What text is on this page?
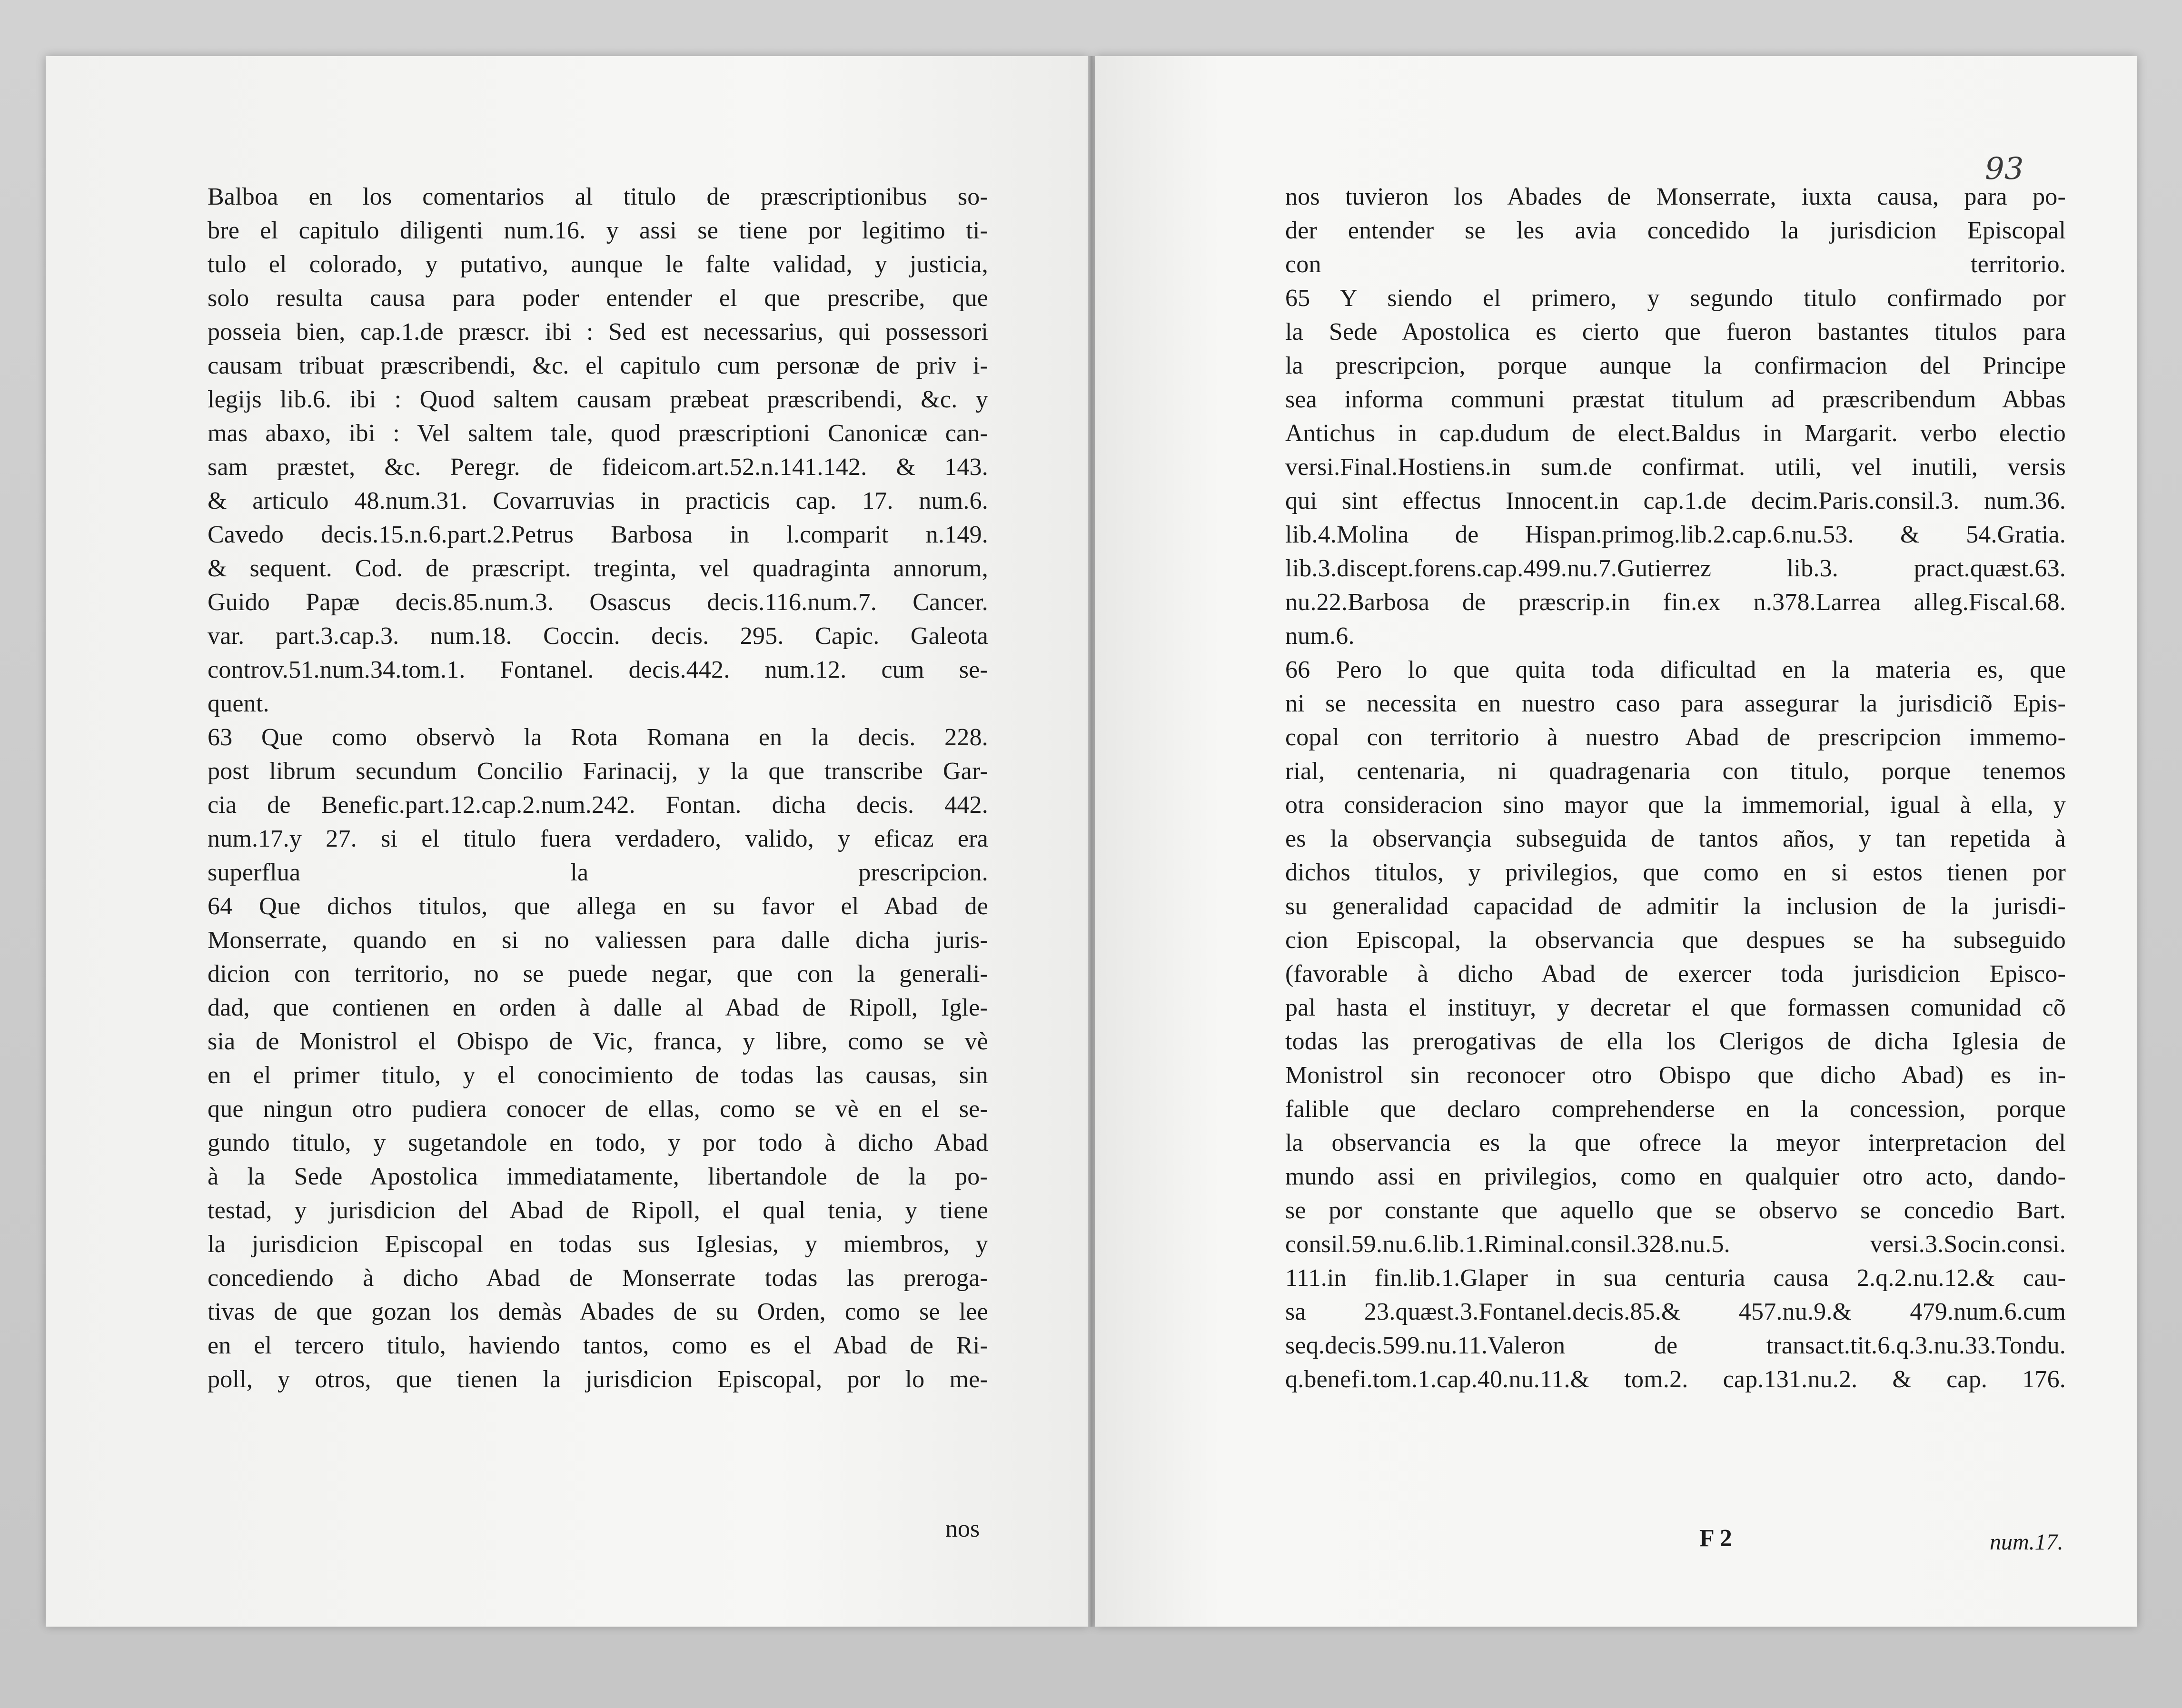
Balboa en los comentarios al titulo de præscriptionibus so-
bre el capitulo diligenti num.16. y assi se tiene por legitimo ti-
tulo el colorado, y putativo, aunque le falte validad, y justicia,
solo resulta causa para poder entender el que prescribe, que
posseia bien, cap.1.de præscr. ibi : Sed est necessarius, qui possessori
causam tribuat præscribendi, &c. el capitulo cum personæ de priv i-
legijs lib.6. ibi : Quod saltem causam præbeat præscribendi, &c. y
mas abaxo, ibi : Vel saltem tale, quod præscriptioni Canonicæ can-
sam præstet, &c. Peregr. de fideicom.art.52.n.141.142. & 143.
& articulo 48.num.31. Covarruvias in practicis cap. 17. num.6.
Cavedo decis.15.n.6.part.2.Petrus Barbosa in l.comparit n.149.
& sequent. Cod. de præscript. treginta, vel quadraginta annorum,
Guido Papæ decis.85.num.3. Osascus decis.116.num.7. Cancer.
var. part.3.cap.3. num.18. Coccin. decis. 295. Capic. Galeota
controv.51.num.34.tom.1. Fontanel. decis.442. num.12. cum se-
quent.
63 Que como observò la Rota Romana en la decis. 228.
post librum secundum Concilio Farinacij, y la que transcribe Gar-
cia de Benefic.part.12.cap.2.num.242. Fontan. dicha decis. 442.
num.17.y 27. si el titulo fuera verdadero, valido, y eficaz era
superflua la prescripcion.
64 Que dichos titulos, que allega en su favor el Abad de
Monserrate, quando en si no valiessen para dalle dicha juris-
dicion con territorio, no se puede negar, que con la generali-
dad, que contienen en orden à dalle al Abad de Ripoll, Igle-
sia de Monistrol el Obispo de Vic, franca, y libre, como se vè
en el primer titulo, y el conocimiento de todas las causas, sin
que ningun otro pudiera conocer de ellas, como se vè en el se-
gundo titulo, y sugetandole en todo, y por todo à dicho Abad
à la Sede Apostolica immediatamente, libertandole de la po-
testad, y jurisdicion del Abad de Ripoll, el qual tenia, y tiene
la jurisdicion Episcopal en todas sus Iglesias, y miembros, y
concediendo à dicho Abad de Monserrate todas las preroga-
tivas de que gozan los demàs Abades de su Orden, como se lee
en el tercero titulo, haviendo tantos, como es el Abad de Ri-
poll, y otros, que tienen la jurisdicion Episcopal, por lo me-
nos
93
nos tuvieron los Abades de Monserrate, iuxta causa, para po-
der entender se les avia concedido la jurisdicion Episcopal
con territorio.
65 Y siendo el primero, y segundo titulo confirmado por
la Sede Apostolica es cierto que fueron bastantes titulos para
la prescripcion, porque aunque la confirmacion del Principe
sea informa communi præstat titulum ad præscribendum Abbas
Antichus in cap.dudum de elect.Baldus in Margarit. verbo electio
versi.Final.Hostiens.in sum.de confirmat. utili, vel inutili, versis
qui sint effectus Innocent.in cap.1.de decim.Paris.consil.3. num.36.
lib.4.Molina de Hispan.primog.lib.2.cap.6.nu.53. & 54.Gratia.
lib.3.discept.forens.cap.499.nu.7.Gutierrez lib.3. pract.quæst.63.
nu.22.Barbosa de præscrip.in fin.ex n.378.Larrea alleg.Fiscal.68.
num.6.
66 Pero lo que quita toda dificultad en la materia es, que
ni se necessita en nuestro caso para assegurar la jurisdiciõ Epis-
copal con territorio à nuestro Abad de prescripcion immemo-
rial, centenaria, ni quadragenaria con titulo, porque tenemos
otra consideracion sino mayor que la immemorial, igual à ella, y
es la observançia subseguida de tantos años, y tan repetida à
dichos titulos, y privilegios, que como en si estos tienen por
su generalidad capacidad de admitir la inclusion de la jurisdi-
cion Episcopal, la observancia que despues se ha subseguido
(favorable à dicho Abad de exercer toda jurisdicion Episco-
pal hasta el instituyr, y decretar el que formassen comunidad cõ
todas las prerogativas de ella los Clerigos de dicha Iglesia de
Monistrol sin reconocer otro Obispo que dicho Abad) es in-
falible que declaro comprehenderse en la concession, porque
la observancia es la que ofrece la meyor interpretacion del
mundo assi en privilegios, como en qualquier otro acto, dando-
se por constante que aquello que se observo se concedio Bart.
consil.59.nu.6.lib.1.Riminal.consil.328.nu.5. versi.3.Socin.consi.
111.in fin.lib.1.Glaper in sua centuria causa 2.q.2.nu.12.& cau-
sa 23.quæst.3.Fontanel.decis.85.& 457.nu.9.& 479.num.6.cum
seq.decis.599.nu.11.Valeron de transact.tit.6.q.3.nu.33.Tondu.
q.benefi.tom.1.cap.40.nu.11.& tom.2. cap.131.nu.2. & cap. 176.
F 2	num.17.
